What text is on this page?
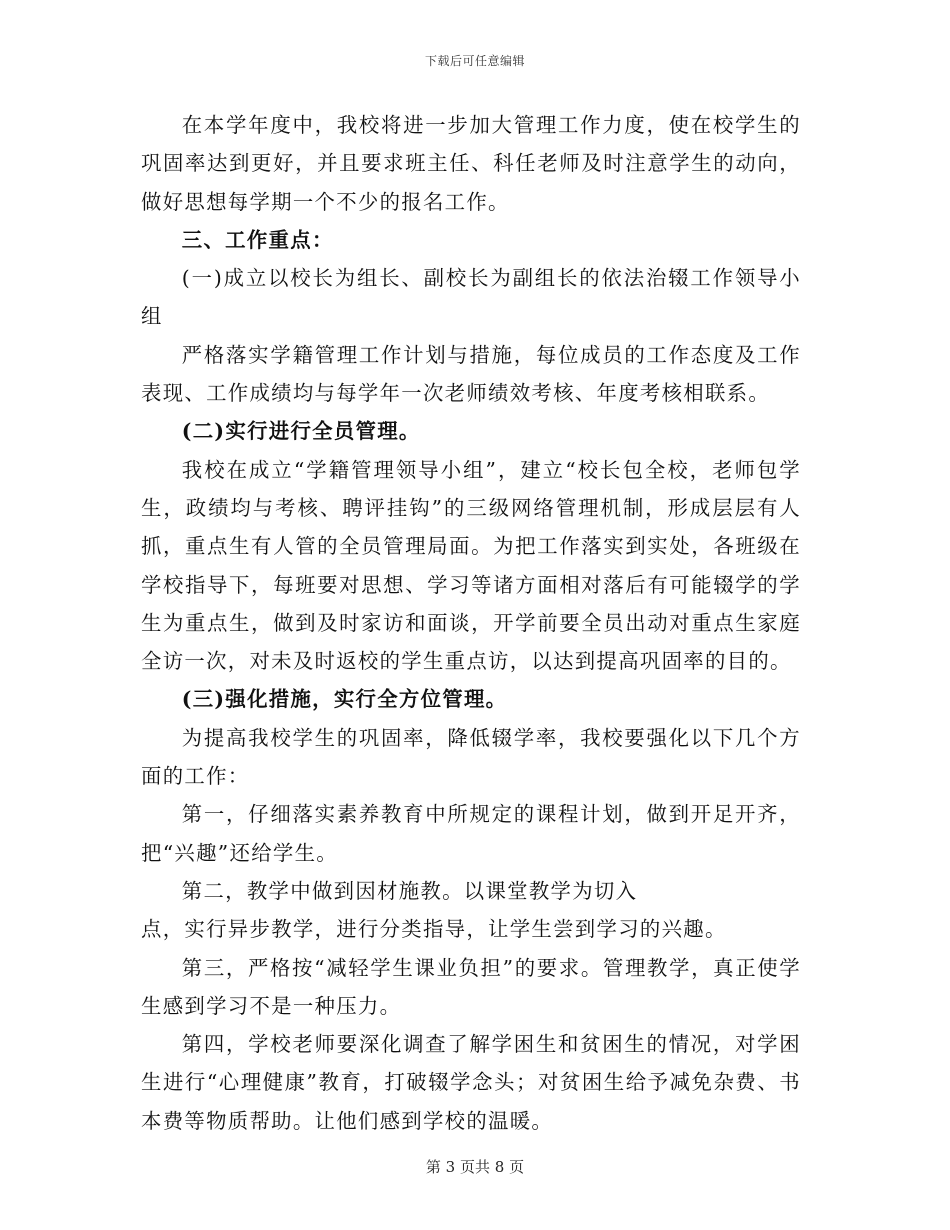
下载后可任意编辑

在本学年度中，我校将进一步加大管理工作力度，使在校学生的巩固率达到更好，并且要求班主任、科任老师及时注意学生的动向，做好思想每学期一个不少的报名工作。

三、工作重点：

(一)成立以校长为组长、副校长为副组长的依法治辍工作领导小组

严格落实学籍管理工作计划与措施，每位成员的工作态度及工作表现、工作成绩均与每学年一次老师绩效考核、年度考核相联系。

(二)实行进行全员管理。

我校在成立“学籍管理领导小组”，建立“校长包全校，老师包学生，政绩均与考核、聘评挂钩”的三级网络管理机制，形成层层有人抓，重点生有人管的全员管理局面。为把工作落实到实处，各班级在学校指导下，每班要对思想、学习等诸方面相对落后有可能辍学的学生为重点生，做到及时家访和面谈，开学前要全员出动对重点生家庭全访一次，对未及时返校的学生重点访，以达到提高巩固率的目的。

(三)强化措施，实行全方位管理。

为提高我校学生的巩固率，降低辍学率，我校要强化以下几个方面的工作：

第一，仔细落实素养教育中所规定的课程计划，做到开足开齐，把“兴趣”还给学生。

第二，教学中做到因材施教。以课堂教学为切入

点，实行异步教学，进行分类指导，让学生尝到学习的兴趣。

第三，严格按“减轻学生课业负担”的要求。管理教学，真正使学生感到学习不是一种压力。

第四，学校老师要深化调查了解学困生和贫困生的情况，对学困生进行“心理健康”教育，打破辍学念头；对贫困生给予减免杂费、书本费等物质帮助。让他们感到学校的温暖。

第 3 页共 8 页
